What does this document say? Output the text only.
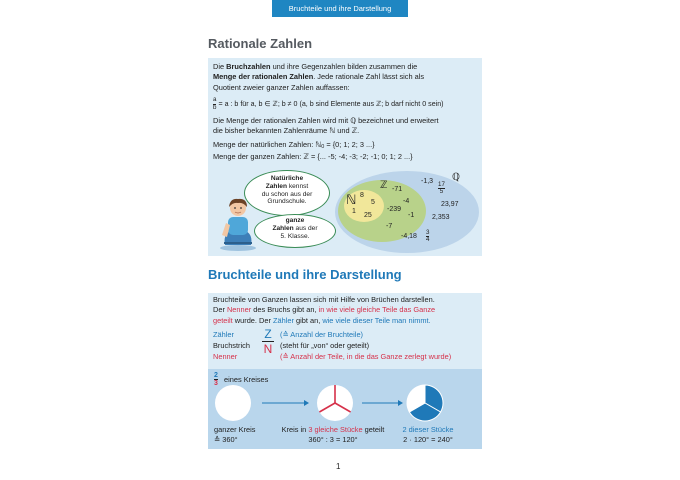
Bruchteile und ihre Darstellung
Rationale Zahlen
Die Bruchzahlen und ihre Gegenzahlen bilden zusammen die
Menge der rationalen Zahlen. Jede rationale Zahl lässt sich als
Quotient zweier ganzer Zahlen auffassen:
$\frac{a}{b} = a$ : b für a, b ∈ ℤ; b ≠ 0 (a, b sind Elemente aus ℤ; b darf nicht 0 sein)
Die Menge der rationalen Zahlen wird mit ℚ bezeichnet und erweitert
die bisher bekannten Zahlenräume ℕ und ℤ.
Menge der natürlichen Zahlen: ℕ0 = {0; 1; 2; 3 ...}
Menge der ganzen Zahlen: ℤ = {... -5; -4; -3; -2; -1; 0; 1; 2 ...}
Natürliche
Zahlen kennst
du schon aus der
Grundschule.
ganze
Zahlen aus der
5. Klasse.
ℕ
ℤ
ℚ
8
1
5
25
-71
-4
-239
-1
-7
-1,3
23,97
2,353
-4,18
$\frac{17}{5}$
$\frac{3}{4}$
Bruchteile und ihre Darstellung
Bruchteile von Ganzen lassen sich mit Hilfe von Brüchen darstellen.
Der Nenner des Bruchs gibt an, in wie viele gleiche Teile das Ganze
geteilt wurde. Der Zähler gibt an, wie viele dieser Teile man nimmt.
Zähler
Bruchstrich
Nenner
Z
N
(≙ Anzahl der Bruchteile)
(steht für „von“ oder geteilt)
(≙ Anzahl der Teile, in die das Ganze zerlegt wurde)
$\frac{2}{3}$ eines Kreises
ganzer Kreis
≙ 360°
Kreis in 3 gleiche Stücke geteilt
360° : 3 = 120°
2 dieser Stücke
2 · 120° = 240°
1
